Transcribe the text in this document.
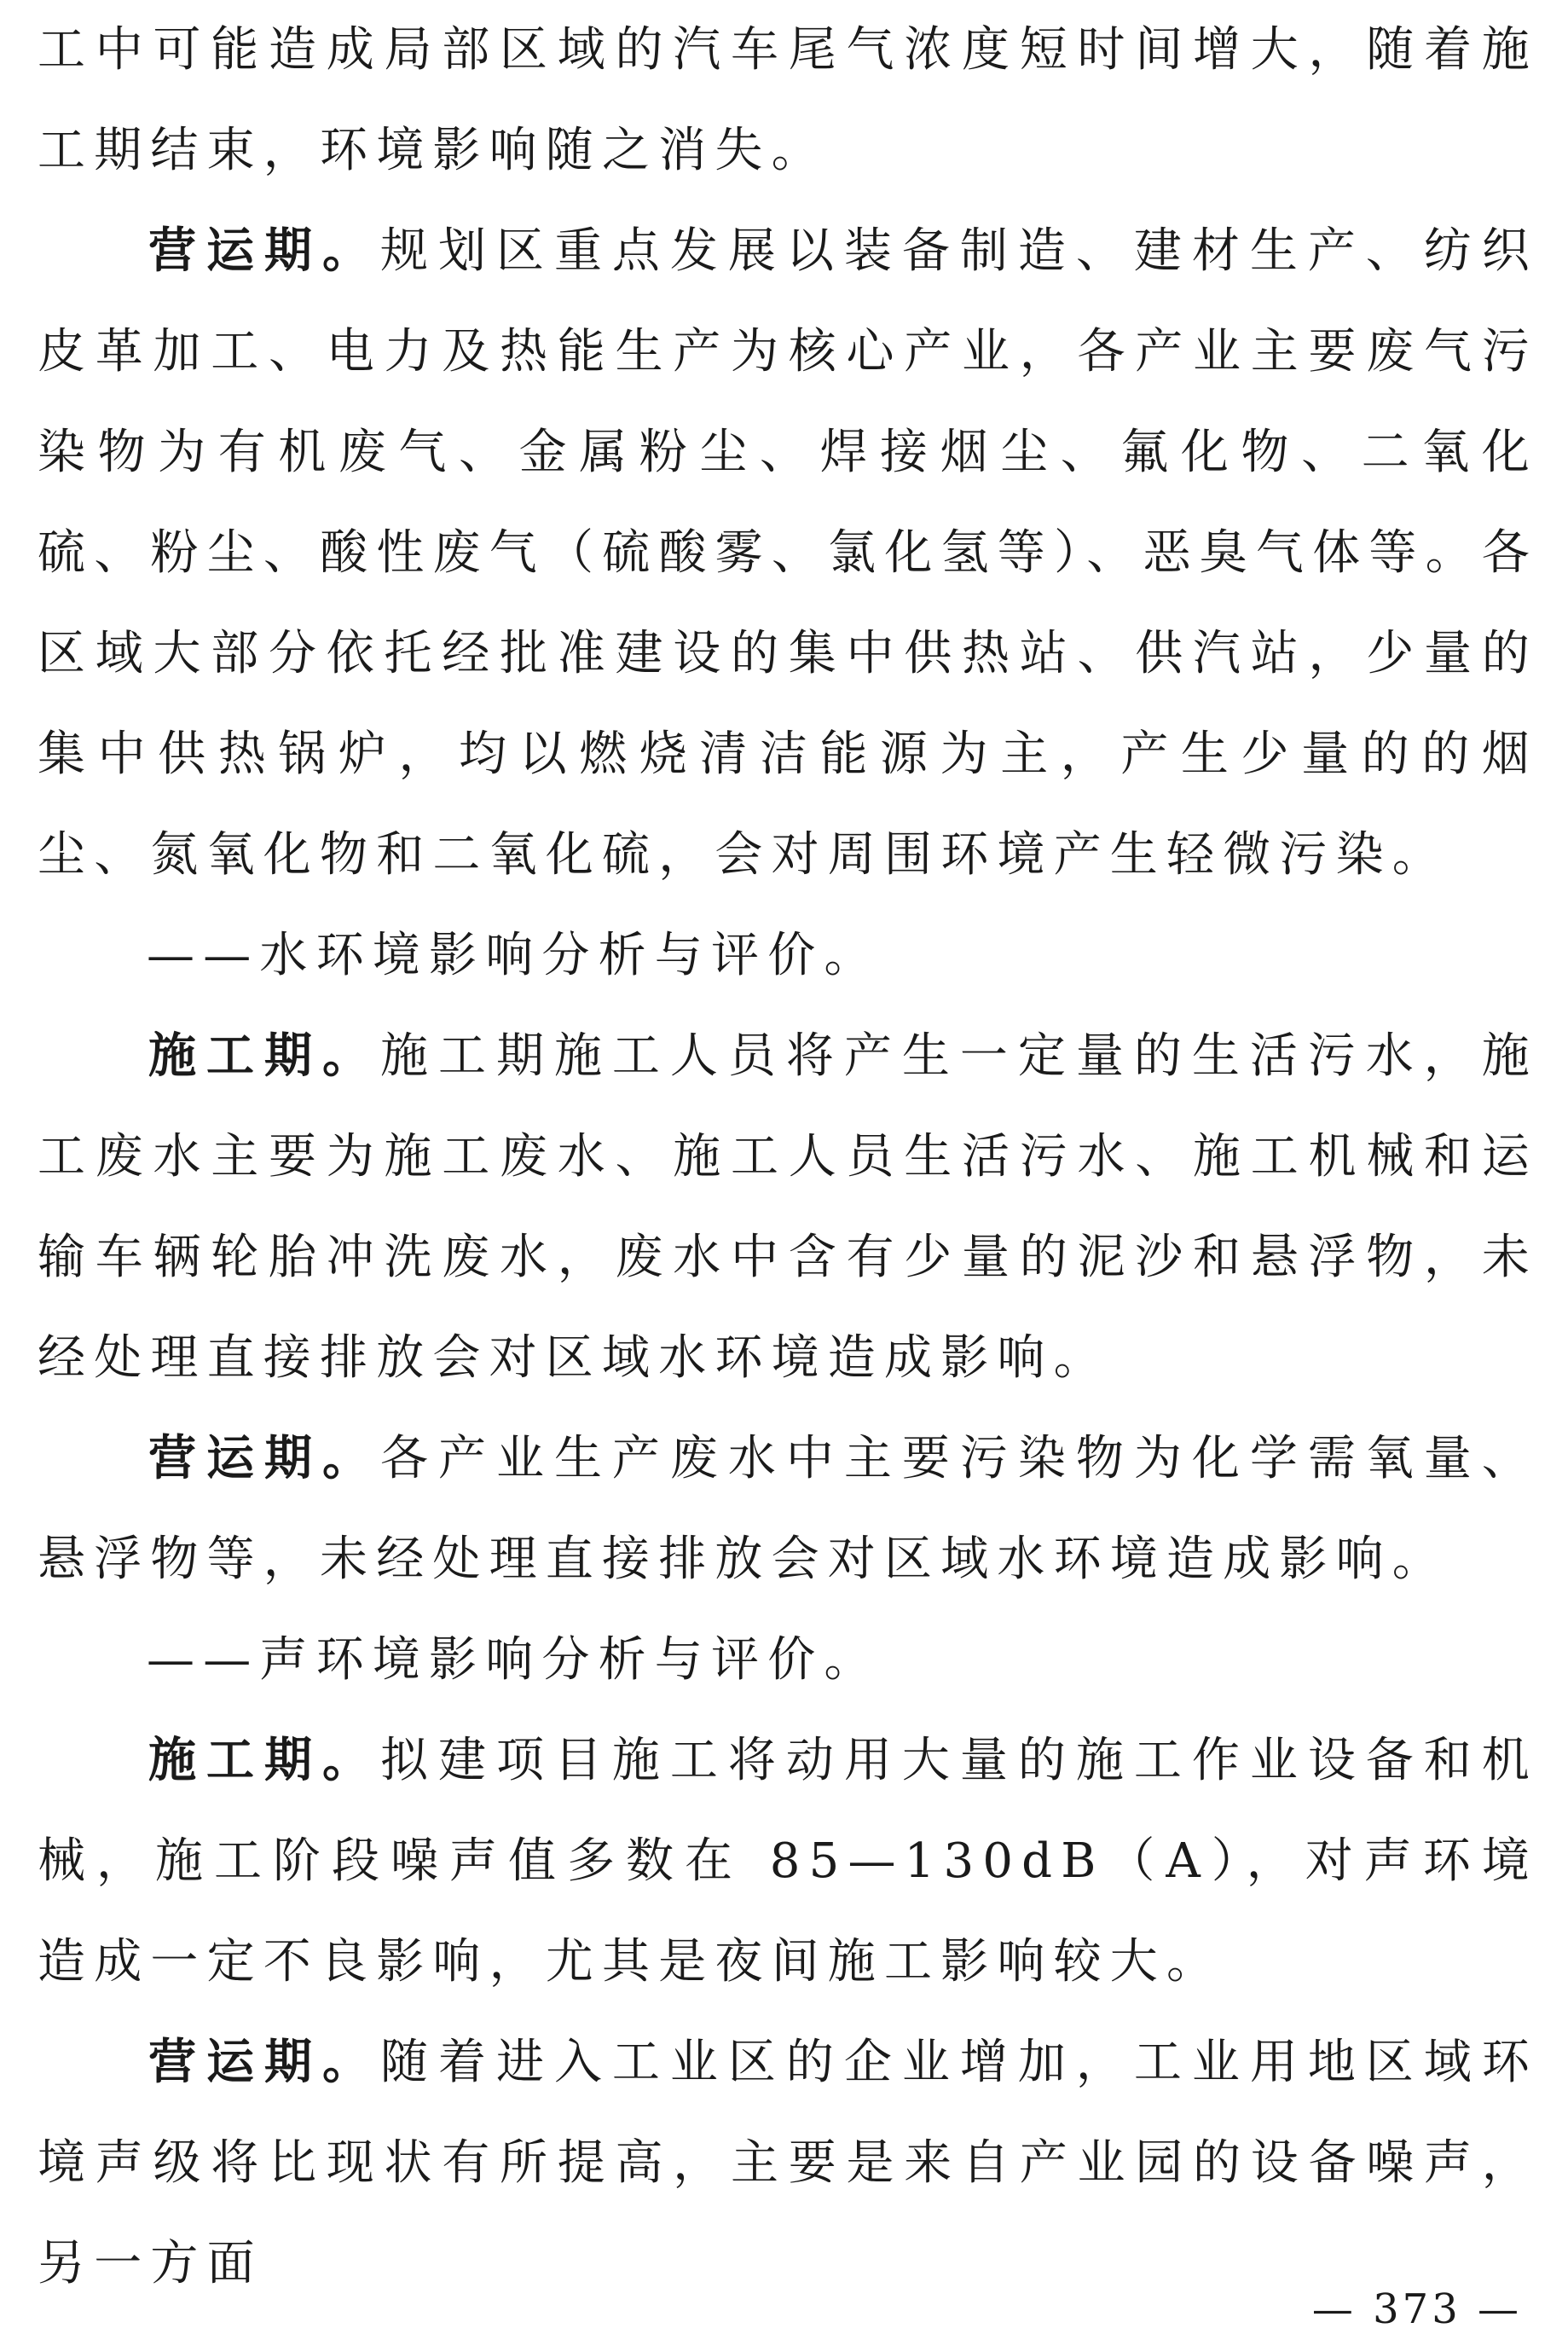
工中可能造成局部区域的汽车尾气浓度短时间增大，随着施工期结束，环境影响随之消失。

营运期。规划区重点发展以装备制造、建材生产、纺织皮革加工、电力及热能生产为核心产业，各产业主要废气污染物为有机废气、金属粉尘、焊接烟尘、氟化物、二氧化硫、粉尘、酸性废气（硫酸雾、氯化氢等）、恶臭气体等。各区域大部分依托经批准建设的集中供热站、供汽站，少量的集中供热锅炉，均以燃烧清洁能源为主，产生少量的的烟尘、氮氧化物和二氧化硫，会对周围环境产生轻微污染。

——水环境影响分析与评价。

施工期。施工期施工人员将产生一定量的生活污水，施工废水主要为施工废水、施工人员生活污水、施工机械和运输车辆轮胎冲洗废水，废水中含有少量的泥沙和悬浮物，未经处理直接排放会对区域水环境造成影响。

营运期。各产业生产废水中主要污染物为化学需氧量、悬浮物等，未经处理直接排放会对区域水环境造成影响。

——声环境影响分析与评价。

施工期。拟建项目施工将动用大量的施工作业设备和机械，施工阶段噪声值多数在 85—130dB（A），对声环境造成一定不良影响，尤其是夜间施工影响较大。

营运期。随着进入工业区的企业增加，工业用地区域环境声级将比现状有所提高，主要是来自产业园的设备噪声，另一方面

— 373 —
